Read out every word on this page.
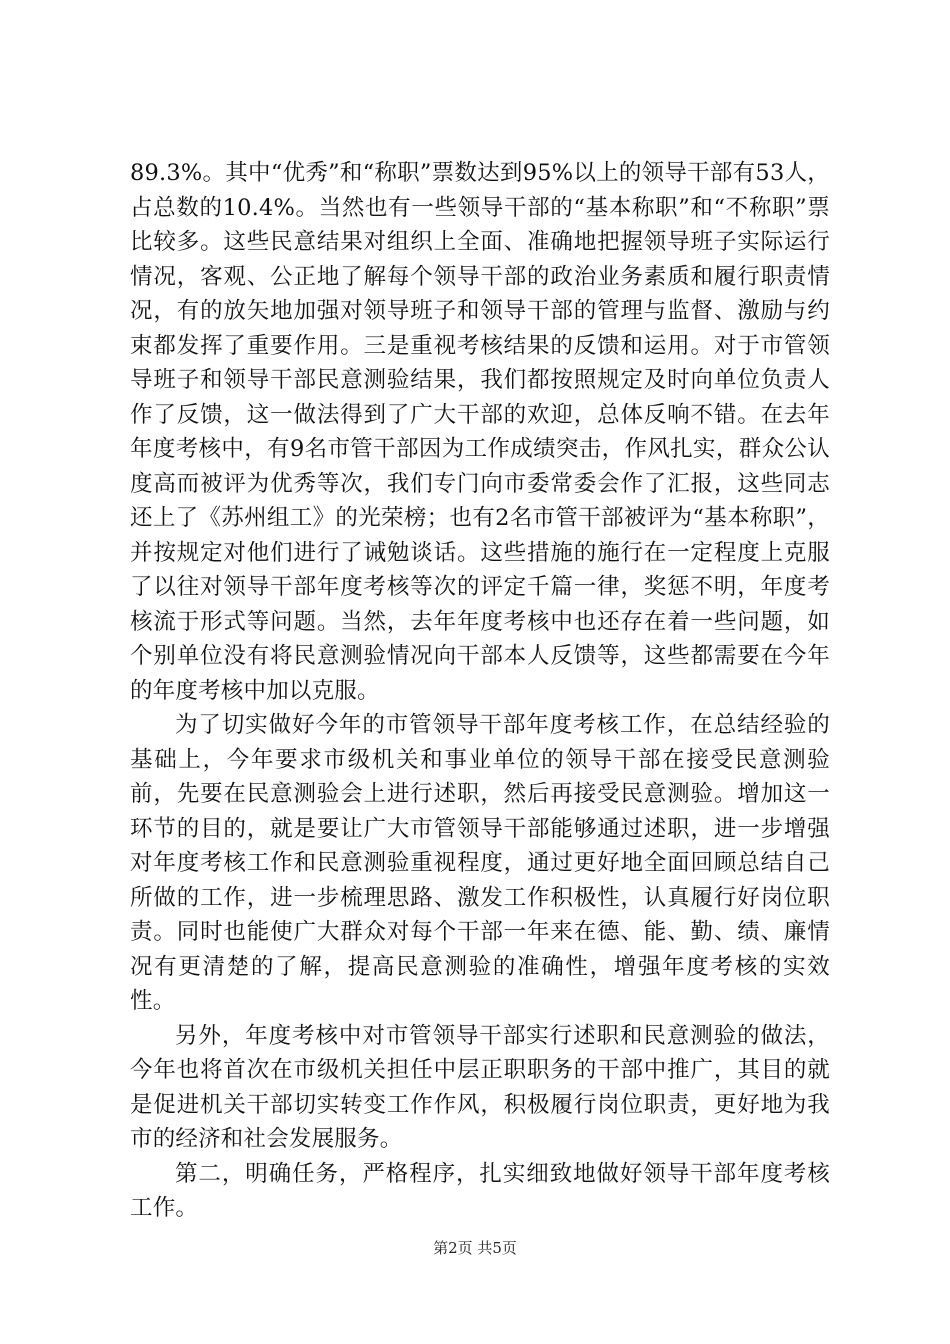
89.3%。其中“优秀”和“称职”票数达到95%以上的领导干部有53人，占总数的10.4%。当然也有一些领导干部的“基本称职”和“不称职”票比较多。这些民意结果对组织上全面、准确地把握领导班子实际运行情况，客观、公正地了解每个领导干部的政治业务素质和履行职责情况，有的放矢地加强对领导班子和领导干部的管理与监督、激励与约束都发挥了重要作用。三是重视考核结果的反馈和运用。对于市管领导班子和领导干部民意测验结果，我们都按照规定及时向单位负责人作了反馈，这一做法得到了广大干部的欢迎，总体反响不错。在去年年度考核中，有9名市管干部因为工作成绩突击，作风扎实，群众公认度高而被评为优秀等次，我们专门向市委常委会作了汇报，这些同志还上了《苏州组工》的光荣榜；也有2名市管干部被评为“基本称职”，并按规定对他们进行了诫勉谈话。这些措施的施行在一定程度上克服了以往对领导干部年度考核等次的评定千篇一律，奖惩不明，年度考核流于形式等问题。当然，去年年度考核中也还存在着一些问题，如个别单位没有将民意测验情况向干部本人反馈等，这些都需要在今年的年度考核中加以克服。

为了切实做好今年的市管领导干部年度考核工作，在总结经验的基础上，今年要求市级机关和事业单位的领导干部在接受民意测验前，先要在民意测验会上进行述职，然后再接受民意测验。增加这一环节的目的，就是要让广大市管领导干部能够通过述职，进一步增强对年度考核工作和民意测验重视程度，通过更好地全面回顾总结自己所做的工作，进一步梳理思路、激发工作积极性，认真履行好岗位职责。同时也能使广大群众对每个干部一年来在德、能、勤、绩、廉情况有更清楚的了解，提高民意测验的准确性，增强年度考核的实效性。

另外，年度考核中对市管领导干部实行述职和民意测验的做法，今年也将首次在市级机关担任中层正职职务的干部中推广，其目的就是促进机关干部切实转变工作作风，积极履行岗位职责，更好地为我市的经济和社会发展服务。

第二，明确任务，严格程序，扎实细致地做好领导干部年度考核工作。

第2页 共5页
